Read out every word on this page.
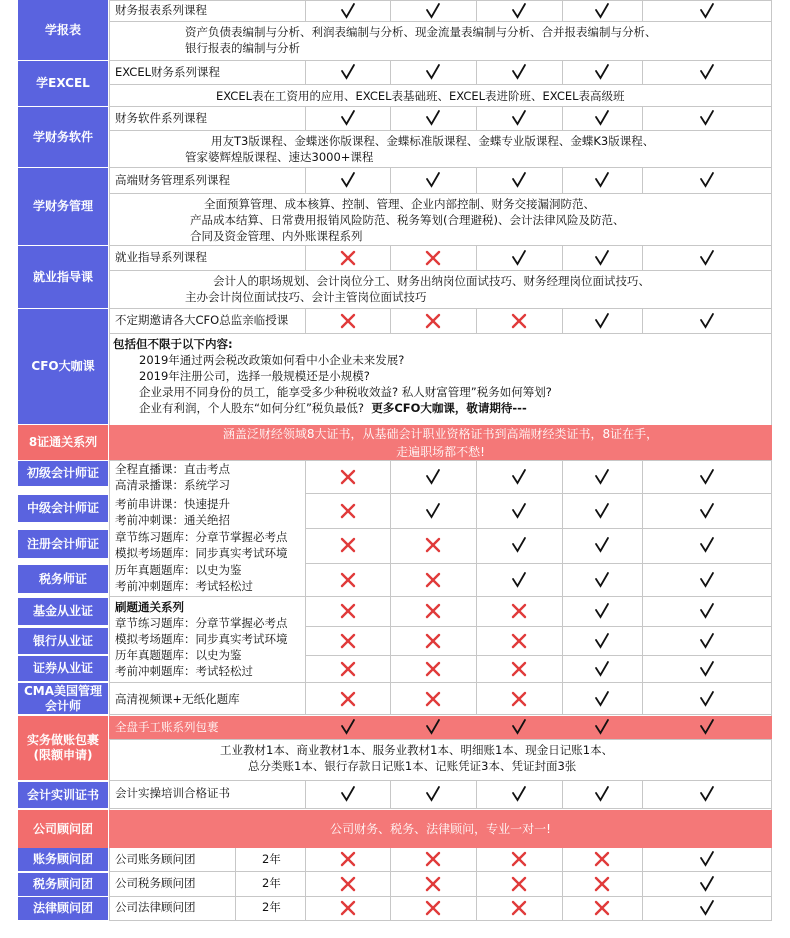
学报表
学EXCEL
学财务软件
学财务管理
就业指导课
CFO大咖课
8证通关系列
初级会计师证
中级会计师证
注册会计师证
税务师证
基金从业证
银行从业证
证券从业证
CMA美国管理会计师
实务做账包裹
(限额申请)
会计实训证书
公司顾问团
账务顾问团
税务顾问团
法律顾问团
涵盖泛财经领域8大证书，从基础会计职业资格证书到高端财经类证书，8证在手，
走遍职场都不愁!
公司财务、税务、法律顾问，专业一对一!
财务报表系列课程
EXCEL财务系列课程
财务软件系列课程
高端财务管理系列课程
就业指导系列课程
不定期邀请各大CFO总监亲临授课
全盘手工账系列包裹
会计实操培训合格证书
公司账务顾问团
公司税务顾问团
公司法律顾问团
2年
2年
2年
资产负债表编制与分析、利润表编制与分析、现金流量表编制与分析、合并报表编制与分析、
银行报表的编制与分析
EXCEL表在工资用的应用、EXCEL表基础班、EXCEL表进阶班、EXCEL表高级班
用友T3版课程、金蝶迷你版课程、金蝶标准版课程、金蝶专业版课程、金蝶K3版课程、
管家婆辉煌版课程、速达3000+课程
全面预算管理、成本核算、控制、管理、企业内部控制、财务交接漏洞防范、
产品成本结算、日常费用报销风险防范、税务筹划(合理避税)、会计法律风险及防范、
合同及资金管理、内外账课程系列
会计人的职场规划、会计岗位分工、财务出纳岗位面试技巧、财务经理岗位面试技巧、
主办会计岗位面试技巧、会计主管岗位面试技巧
包括但不限于以下内容:
2019年通过两会税改政策如何看中小企业未来发展?
2019年注册公司，选择一般规模还是小规模?
企业录用不同身份的员工，能享受多少种税收效益? 私人财富管理”税务如何筹划?
企业有利润，个人股东“如何分红”税负最低? 更多CFO大咖课，敬请期待---
工业教材1本、商业教材1本、服务业教材1本、明细账1本、现金日记账1本、
总分类账1本、银行存款日记账1本、记账凭证3本、凭证封面3张
全程直播课：直击考点
高清录播课：系统学习
考前串讲课：快速提升
考前冲刺课：通关绝招
章节练习题库：分章节掌握必考点
模拟考场题库：同步真实考试环境
历年真题题库：以史为鉴
考前冲刺题库：考试轻松过
刷题通关系列
章节练习题库：分章节掌握必考点
模拟考场题库：同步真实考试环境
历年真题题库：以史为鉴
考前冲刺题库：考试轻松过
高清视频课+无纸化题库
